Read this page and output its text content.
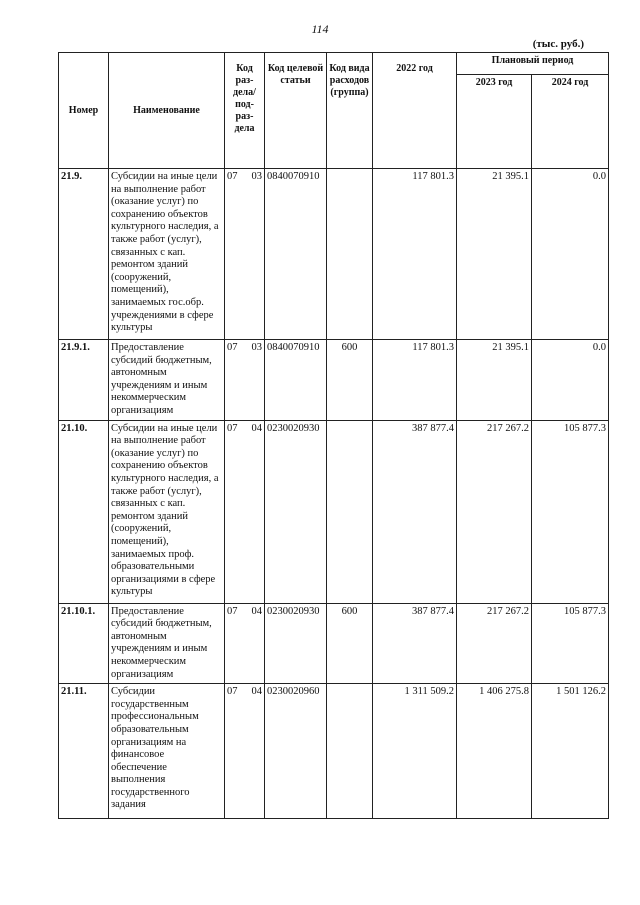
114
(тыс. руб.)
Номер	Наименование	Код раз-дела/ под-раз-дела	Код целевой статьи	Код вида расходов (группа)	2022 год	Плановый период	
						2023 год	2024 год
21.9.	Субсидии на иные цели на выполнение работ (оказание услуг) по сохранению объектов культурного наследия, а также работ (услуг), связанных с кап. ремонтом зданий (сооружений, помещений), занимаемых гос.обр. учреждениями в сфере культуры	07 03	0840070910		117 801.3	21 395.1	0.0
21.9.1.	Предоставление субсидий бюджетным, автономным учреждениям и иным некоммерческим организациям	07 03	0840070910	600	117 801.3	21 395.1	0.0
21.10.	Субсидии на иные цели на выполнение работ (оказание услуг) по сохранению объектов культурного наследия, а также работ (услуг), связанных с кап. ремонтом зданий (сооружений, помещений), занимаемых проф. образовательными организациями в сфере культуры	07 04	0230020930		387 877.4	217 267.2	105 877.3
21.10.1.	Предоставление субсидий бюджетным, автономным учреждениям и иным некоммерческим организациям	07 04	0230020930	600	387 877.4	217 267.2	105 877.3
21.11.	Субсидии государственным профессиональным образовательным организациям на финансовое обеспечение выполнения государственного задания	07 04	0230020960		1 311 509.2	1 406 275.8	1 501 126.2
